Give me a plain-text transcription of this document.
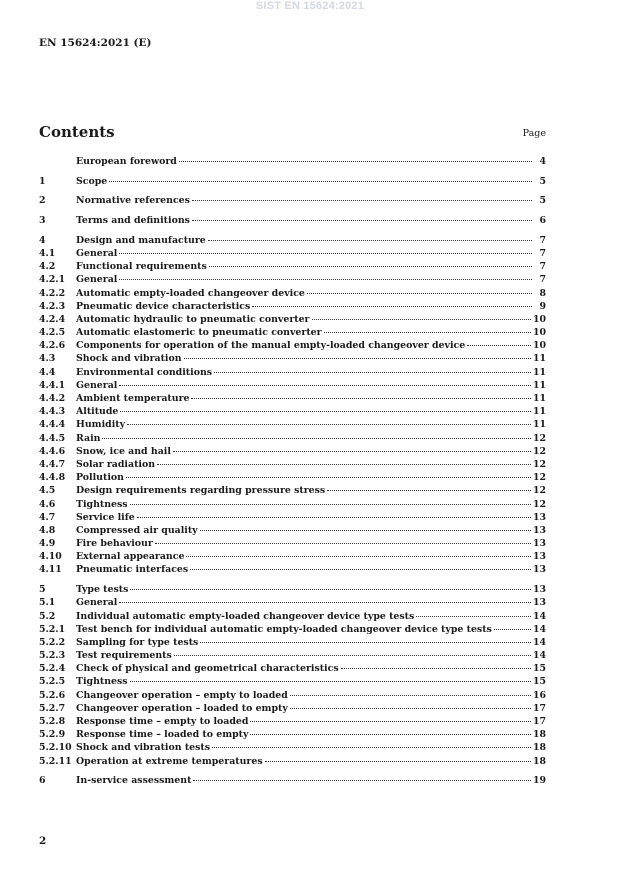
SIST EN 15624:2021
EN 15624:2021 (E)
Contents	Page
European foreword	4
1	Scope	5
2	Normative references	5
3	Terms and definitions	6
4	Design and manufacture	7
4.1	General	7
4.2	Functional requirements	7
4.2.1	General	7
4.2.2	Automatic empty-loaded changeover device	8
4.2.3	Pneumatic device characteristics	9
4.2.4	Automatic hydraulic to pneumatic converter	10
4.2.5	Automatic elastomeric to pneumatic converter	10
4.2.6	Components for operation of the manual empty-loaded changeover device	10
4.3	Shock and vibration	11
4.4	Environmental conditions	11
4.4.1	General	11
4.4.2	Ambient temperature	11
4.4.3	Altitude	11
4.4.4	Humidity	11
4.4.5	Rain	12
4.4.6	Snow, ice and hail	12
4.4.7	Solar radiation	12
4.4.8	Pollution	12
4.5	Design requirements regarding pressure stress	12
4.6	Tightness	12
4.7	Service life	13
4.8	Compressed air quality	13
4.9	Fire behaviour	13
4.10	External appearance	13
4.11	Pneumatic interfaces	13
5	Type tests	13
5.1	General	13
5.2	Individual automatic empty-loaded changeover device type tests	14
5.2.1	Test bench for individual automatic empty-loaded changeover device type tests	14
5.2.2	Sampling for type tests	14
5.2.3	Test requirements	14
5.2.4	Check of physical and geometrical characteristics	15
5.2.5	Tightness	15
5.2.6	Changeover operation – empty to loaded	16
5.2.7	Changeover operation – loaded to empty	17
5.2.8	Response time – empty to loaded	17
5.2.9	Response time – loaded to empty	18
5.2.10 Shock and vibration tests	18
5.2.11 Operation at extreme temperatures	18
6	In-service assessment	19
2
